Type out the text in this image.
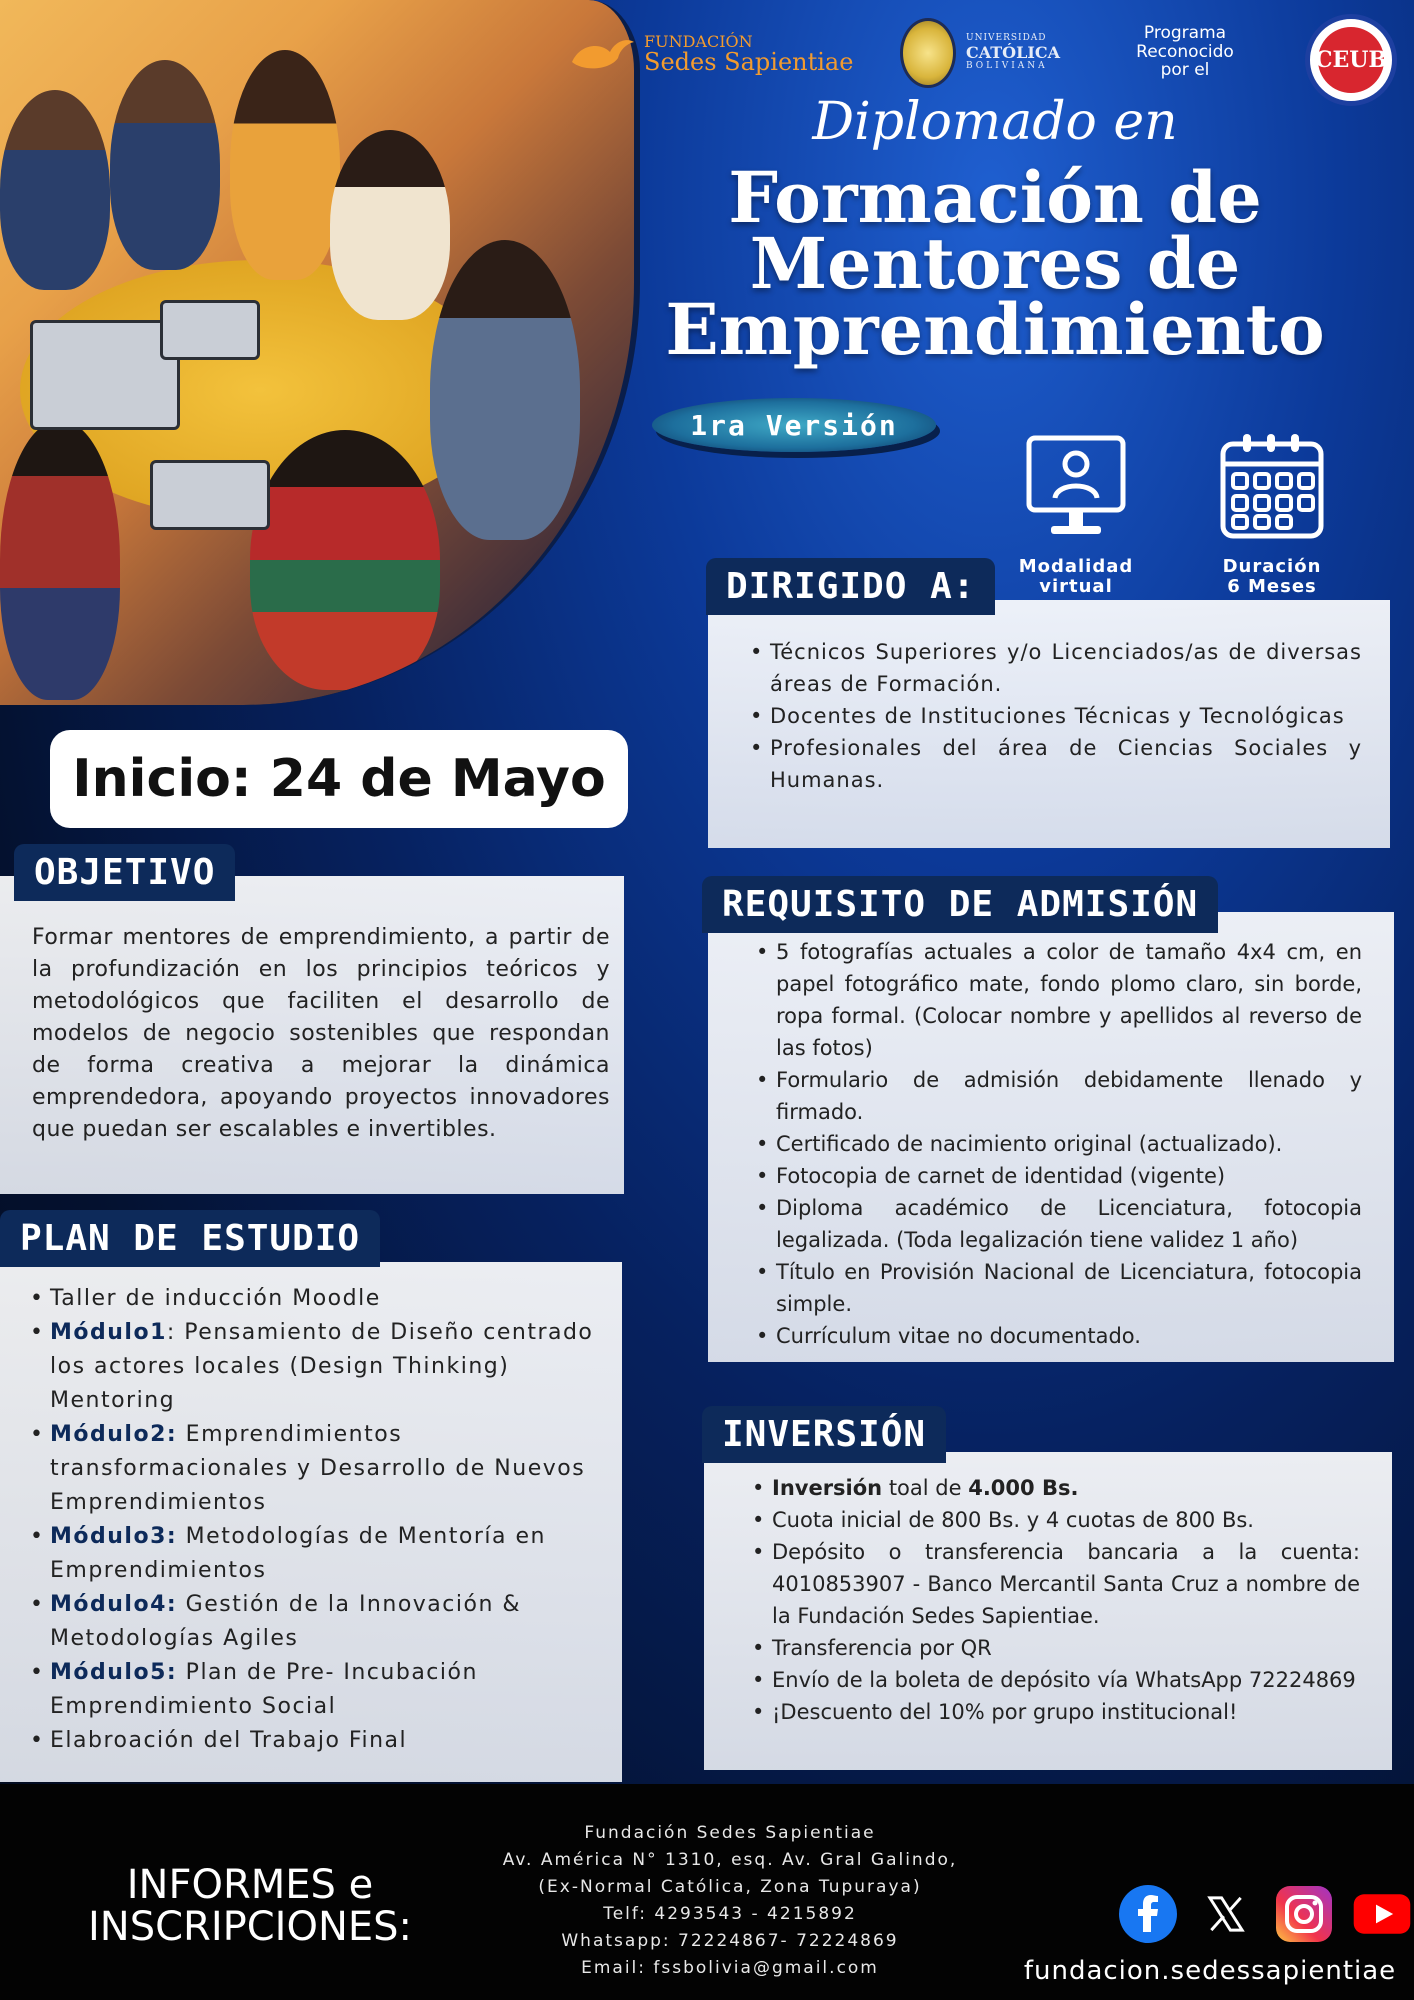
FUNDACIÓN
Sedes Sapientiae
UNIVERSIDAD
CATÓLICA
BOLIVIANA
Programa
Reconocido
por el	CEUB
Diplomado en
Formación de
Mentores de
Emprendimiento
1ra Versión
Modalidad
virtual
Duración
6 Meses
• Técnicos Superiores y/o Licenciados/as de diversas áreas de Formación.
• Docentes de Instituciones Técnicas y Tecnológicas
• Profesionales del área de Ciencias Sociales y Humanas.
DIRIGIDO A:
Inicio: 24 de Mayo

Formar mentores de emprendimiento, a partir de la profundización en los principios teóricos y metodológicos que faciliten el desarrollo de modelos de negocio sostenibles que respondan de forma creativa a mejorar la dinámica emprendedora, apoyando proyectos innovadores que puedan ser escalables e invertibles.

OBJETIVO
• 5 fotografías actuales a color de tamaño 4x4 cm, en papel fotográfico mate, fondo plomo claro, sin borde, ropa formal. (Colocar nombre y apellidos al reverso de las fotos)
• Formulario de admisión debidamente llenado y firmado.
• Certificado de nacimiento original (actualizado).
• Fotocopia de carnet de identidad (vigente)
• Diploma académico de Licenciatura, fotocopia legalizada. (Toda legalización tiene validez 1 año)
• Título en Provisión Nacional de Licenciatura, fotocopia simple.
• Currículum vitae no documentado.
REQUISITO DE ADMISIÓN
• Taller de inducción Moodle
• Módulo1: Pensamiento de Diseño centrado los actores locales (Design Thinking) Mentoring
• Módulo2: Emprendimientos transformacionales y Desarrollo de Nuevos Emprendimientos
• Módulo3: Metodologías de Mentoría en Emprendimientos
• Módulo4: Gestión de la Innovación & Metodologías Agiles
• Módulo5: Plan de Pre- Incubación Emprendimiento Social
• Elabroación del Trabajo Final
PLAN DE ESTUDIO
• Inversión toal de 4.000 Bs.
• Cuota inicial de 800 Bs. y 4 cuotas de 800 Bs.
• Depósito o transferencia bancaria a la cuenta: 4010853907 - Banco Mercantil Santa Cruz a nombre de la Fundación Sedes Sapientiae.
• Transferencia por QR
• Envío de la boleta de depósito vía WhatsApp 72224869
• ¡Descuento del 10% por grupo institucional!
INVERSIÓN
INFORMES e
INSCRIPCIONES:
Fundación Sedes Sapientiae
Av. América N° 1310, esq. Av. Gral Galindo,
(Ex-Normal Católica, Zona Tupuraya)
Telf: 4293543 - 4215892
Whatsapp: 72224867- 72224869
Email: fssbolivia@gmail.com	fundacion.sedessapientiae
